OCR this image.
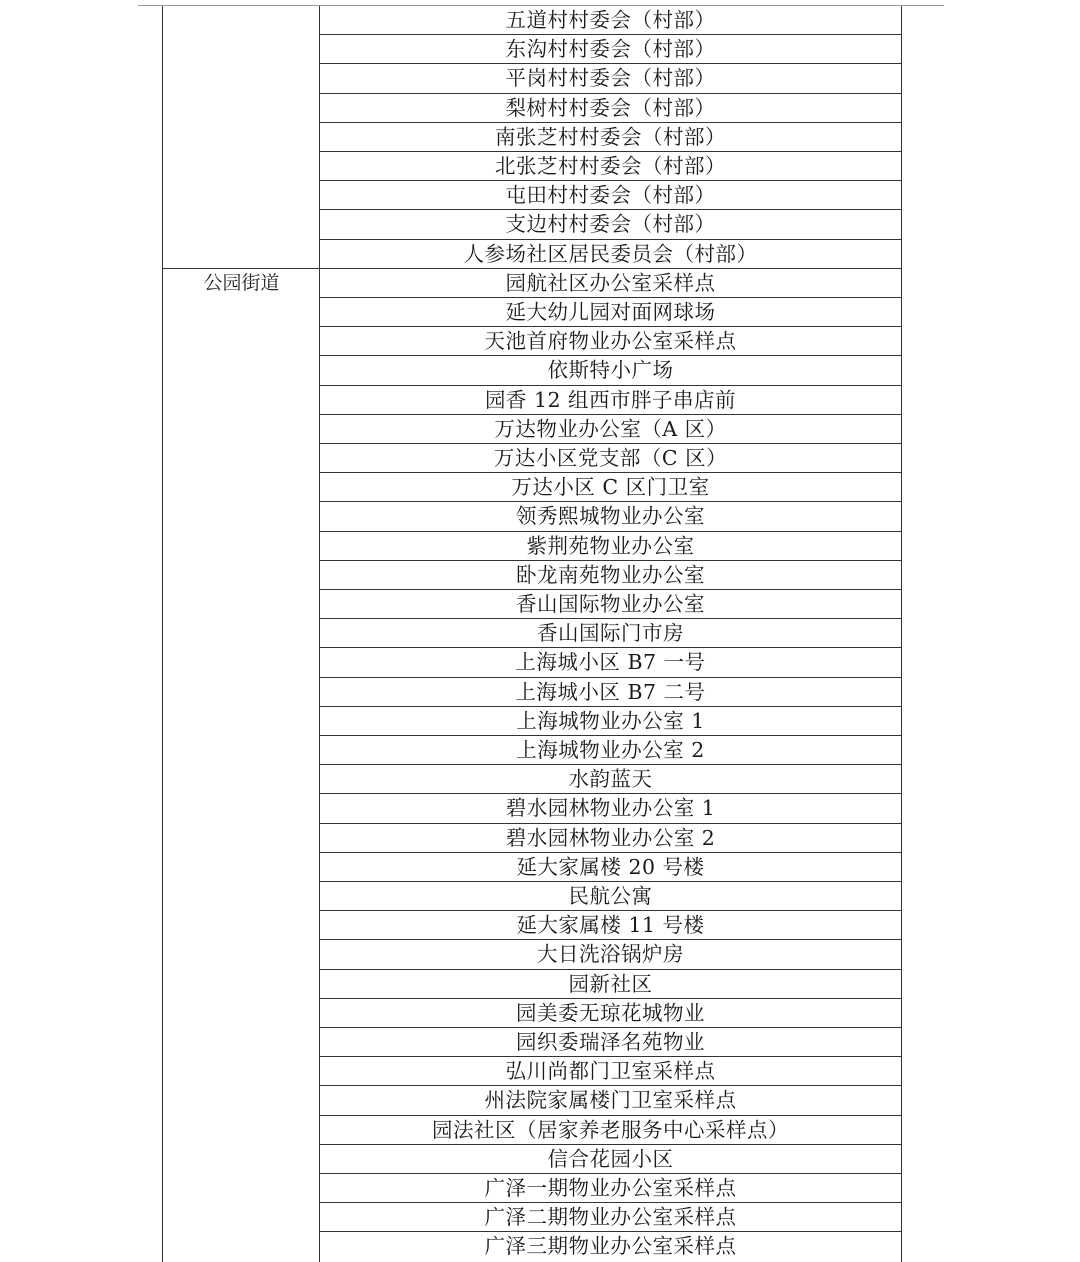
五道村村委会（村部）
东沟村村委会（村部）
平岗村村委会（村部）
梨树村村委会（村部）
南张芝村村委会（村部）
北张芝村村委会（村部）
屯田村村委会（村部）
支边村村委会（村部）
人参场社区居民委员会（村部）
公园街道	园航社区办公室采样点
延大幼儿园对面网球场
天池首府物业办公室采样点
依斯特小广场
园香 12 组西市胖子串店前
万达物业办公室（A 区）
万达小区党支部（C 区）
万达小区 C 区门卫室
领秀熙城物业办公室
紫荆苑物业办公室
卧龙南苑物业办公室
香山国际物业办公室
香山国际门市房
上海城小区 B7 一号
上海城小区 B7 二号
上海城物业办公室 1
上海城物业办公室 2
水韵蓝天
碧水园林物业办公室 1
碧水园林物业办公室 2
延大家属楼 20 号楼
民航公寓
延大家属楼 11 号楼
大日洗浴锅炉房
园新社区
园美委无琼花城物业
园织委瑞泽名苑物业
弘川尚都门卫室采样点
州法院家属楼门卫室采样点
园法社区（居家养老服务中心采样点）
信合花园小区
广泽一期物业办公室采样点
广泽二期物业办公室采样点
广泽三期物业办公室采样点
